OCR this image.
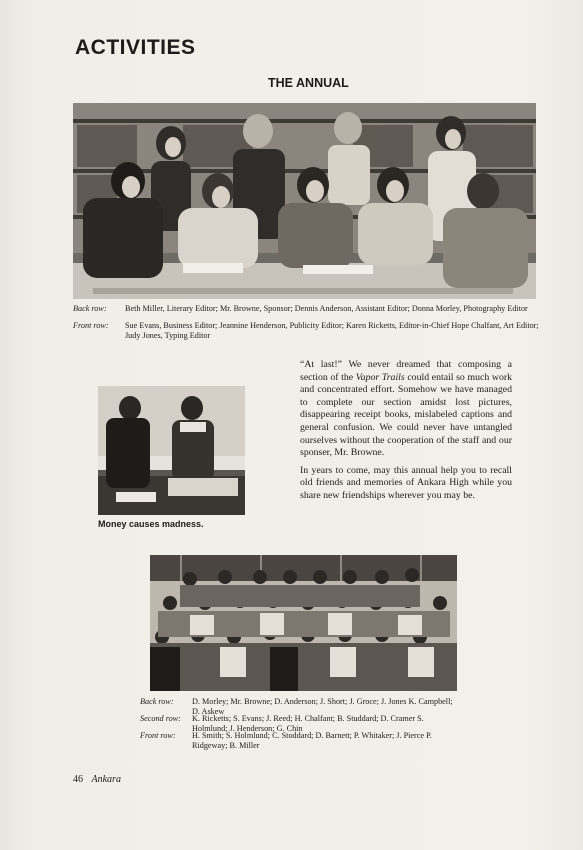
ACTIVITIES
THE ANNUAL
Back row: Beth Miller, Literary Editor; Mr. Browne, Sponsor; Dennis Anderson, Assistant Editor; Donna Morley, Photography Editor
Front row: Sue Evans, Business Editor; Jeannine Henderson, Publicity Editor; Karen Ricketts, Editor-in-Chief Hope Chalfant, Art Editor; Judy Jones, Typing Editor

Money causes madness.

“At last!” We never dreamed that composing a section of the Vapor Trails could entail so much work and concentrated effort. Somehow we have managed to complete our section amidst lost pictures, disappearing receipt books, mislabeled captions and general confusion. We could never have untangled ourselves without the cooperation of the staff and our sponser, Mr. Browne.

In years to come, may this annual help you to recall old friends and memories of Ankara High while you share new friendships wherever you may be.

Back row: D. Morley; Mr. Browne; D. Anderson; J. Short; J. Groce; J. Jones K. Campbell; D. Askew
Second row: K. Ricketts; S. Evans; J. Reed; H. Chalfant; B. Studdard; D. Cramer S. Holmlund; J. Henderson; G. Chin
Front row: H. Smith; S. Holmlund; C. Stoddard; D. Barnett; P. Whitaker; J. Pierce P. Ridgeway; B. Miller
46 Ankara
